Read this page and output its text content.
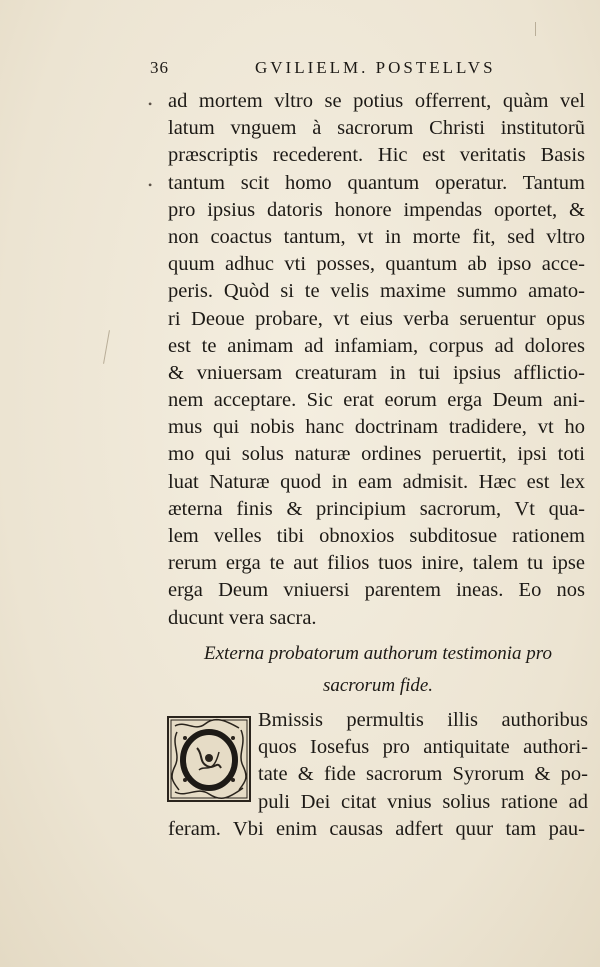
36	GVILIELM. POSTELLVS
•
•
ad mortem vltro se potius offerrent, quàm vel
latum vnguem à sacrorum Christi institutorũ
præscriptis recederent. Hic est veritatis Basis
tantum scit homo quantum operatur. Tantum
pro ipsius datoris honore impendas oportet, &
non coactus tantum, vt in morte fit, sed vltro
quum adhuc vti posses, quantum ab ipso acce-
peris. Quòd si te velis maxime summo amato-
ri Deoue probare, vt eius verba seruentur opus
est te animam ad infamiam, corpus ad dolores
& vniuersam creaturam in tui ipsius afflictio-
nem acceptare. Sic erat eorum erga Deum ani-
mus qui nobis hanc doctrinam tradidere, vt ho
mo qui solus naturæ ordines peruertit, ipsi toti
luat Naturæ quod in eam admisit. Hæc est lex
æterna finis & principium sacrorum, Vt qua-
lem velles tibi obnoxios subditosue rationem
rerum erga te aut filios tuos inire, talem tu ipse
erga Deum vniuersi parentem ineas. Eo nos
ducunt vera sacra.
Externa probatorum authorum testimonia pro
sacrorum fide.
Bmissis permultis illis authoribus
quos Iosefus pro antiquitate authori-
tate & fide sacrorum Syrorum & po-
puli Dei citat vnius solius ratione ad
feram. Vbi enim causas adfert quur tam pau-
